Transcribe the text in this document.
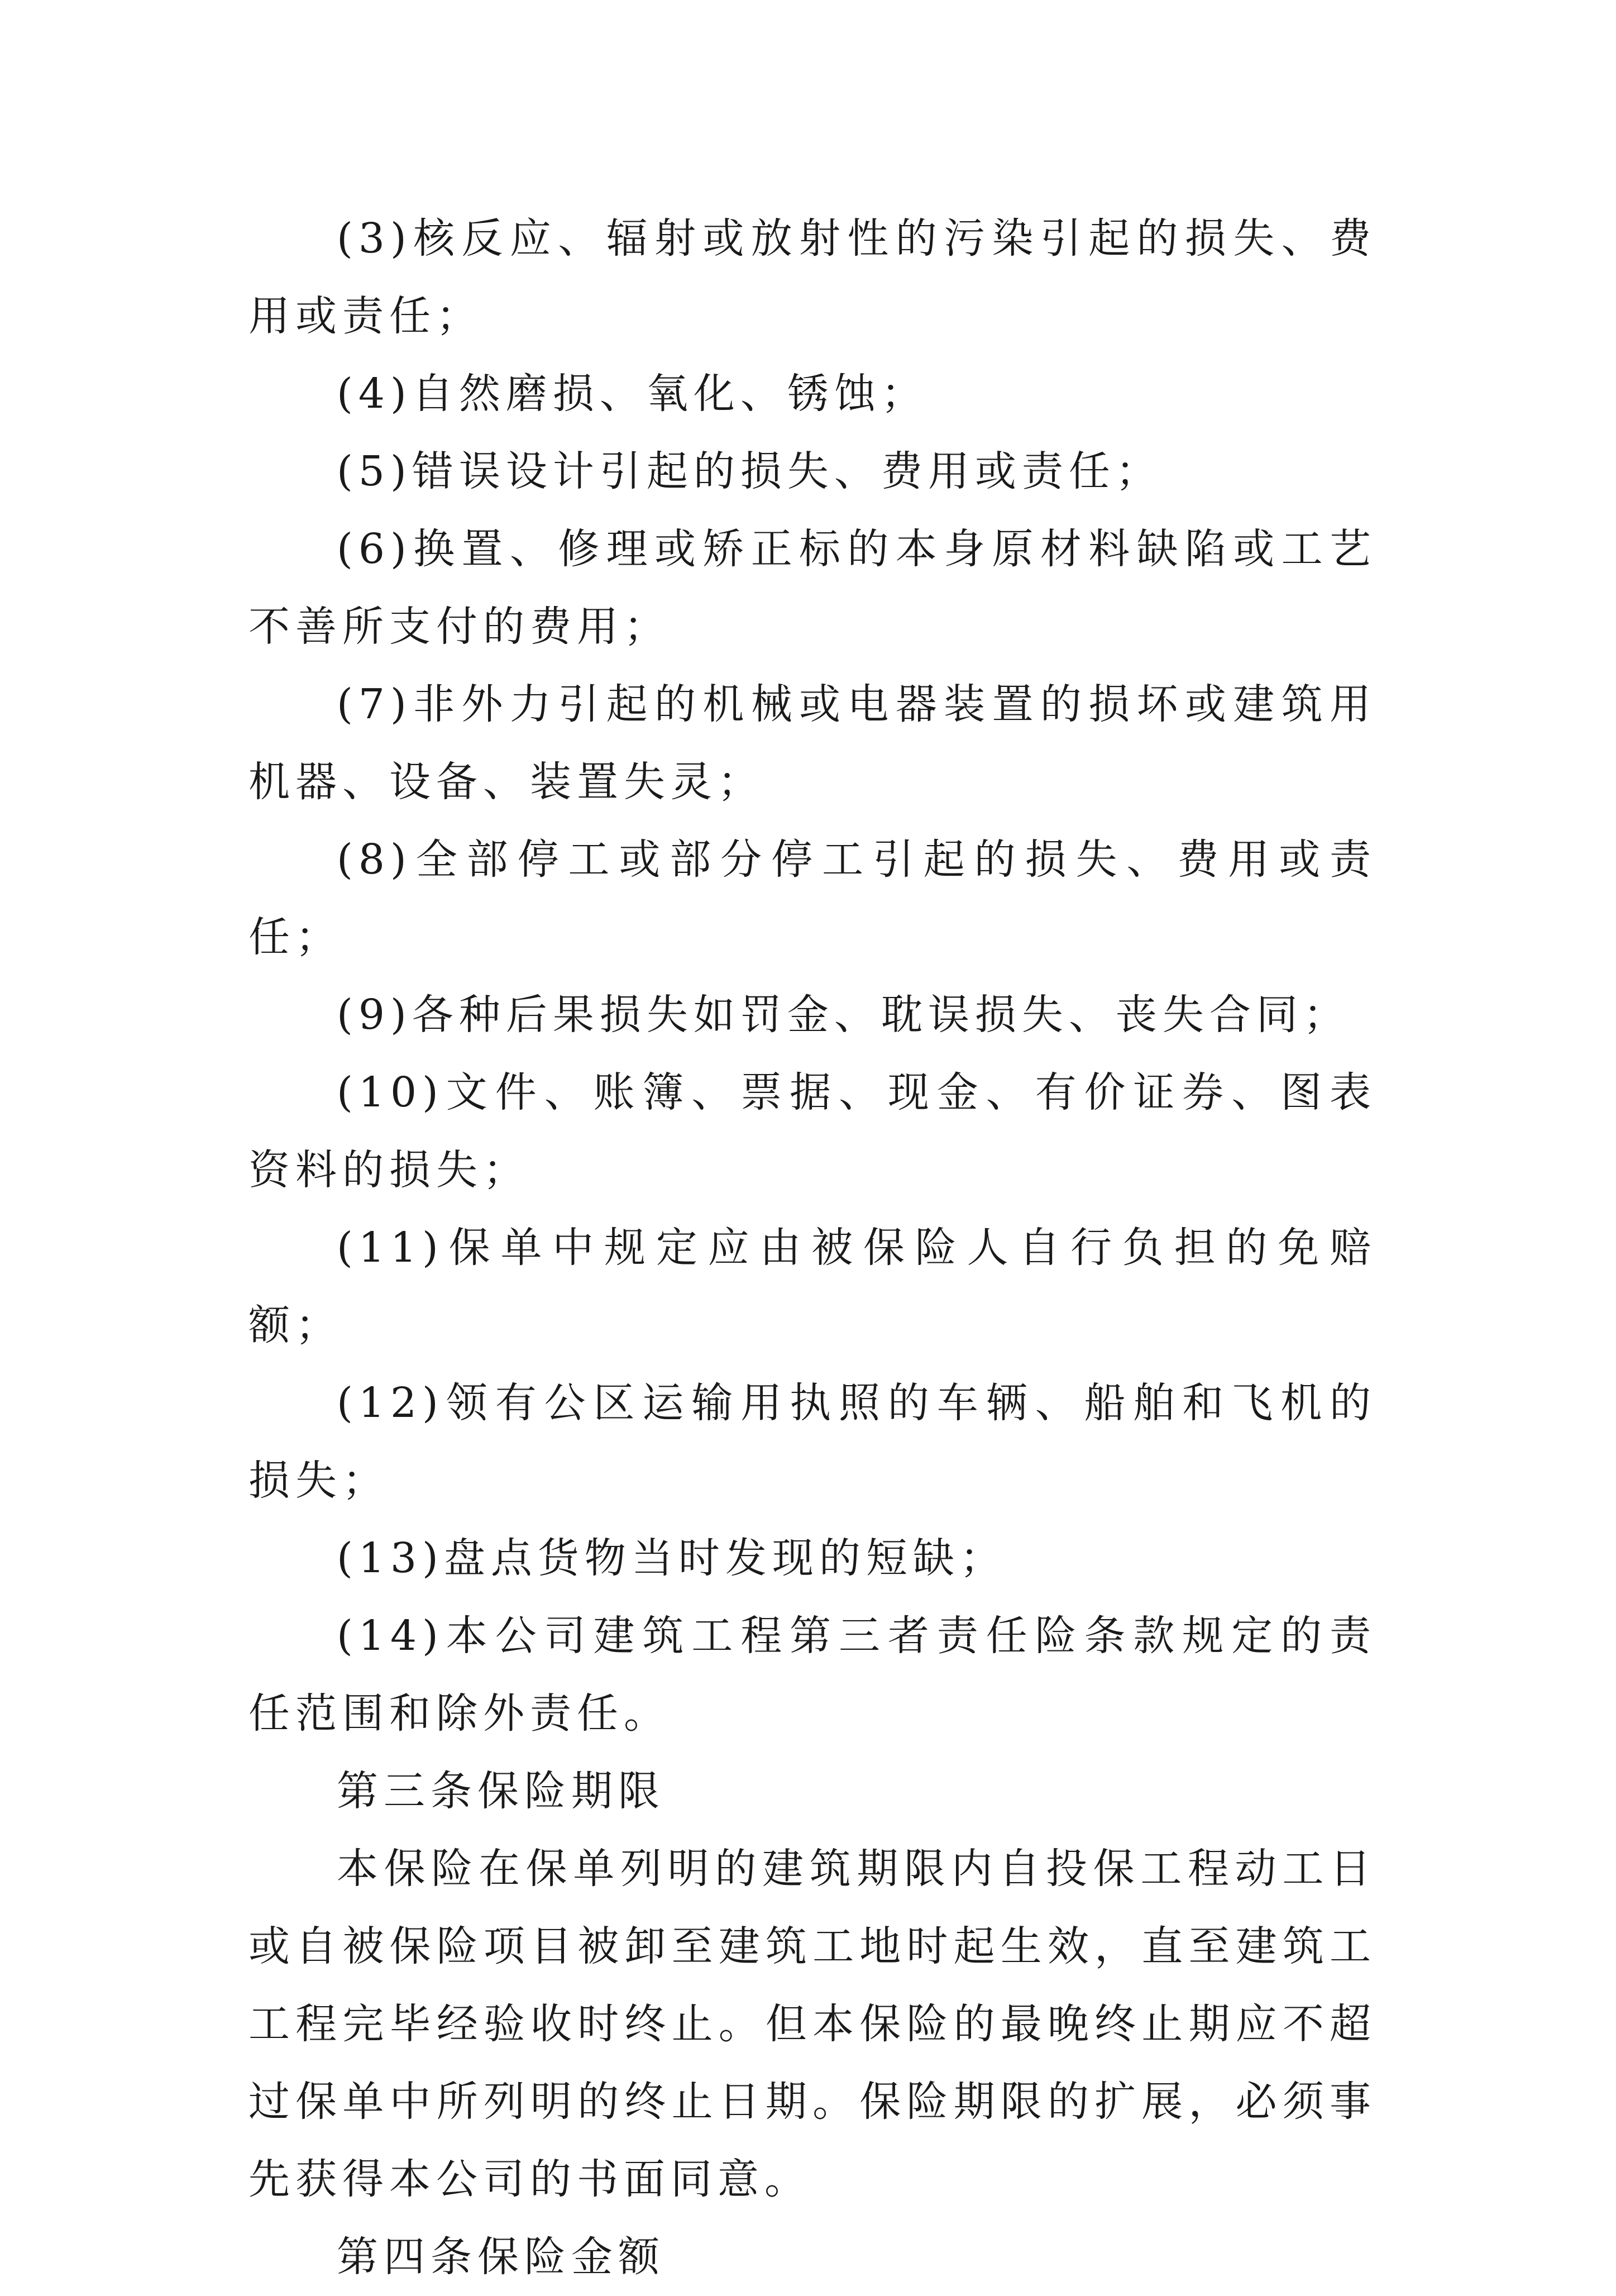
(3)核反应、辐射或放射性的污染引起的损失、费用或责任；

(4)自然磨损、氧化、锈蚀；

(5)错误设计引起的损失、费用或责任；

(6)换置、修理或矫正标的本身原材料缺陷或工艺不善所支付的费用；

(7)非外力引起的机械或电器装置的损坏或建筑用机器、设备、装置失灵；

(8)全部停工或部分停工引起的损失、费用或责任；

(9)各种后果损失如罚金、耽误损失、丧失合同；

(10)文件、账簿、票据、现金、有价证券、图表资料的损失；

(11)保单中规定应由被保险人自行负担的免赔额；

(12)领有公区运输用执照的车辆、船舶和飞机的损失；

(13)盘点货物当时发现的短缺；

(14)本公司建筑工程第三者责任险条款规定的责任范围和除外责任。

第三条保险期限

本保险在保单列明的建筑期限内自投保工程动工日或自被保险项目被卸至建筑工地时起生效，直至建筑工工程完毕经验收时终止。但本保险的最晚终止期应不超过保单中所列明的终止日期。保险期限的扩展，必须事先获得本公司的书面同意。

第四条保险金额
